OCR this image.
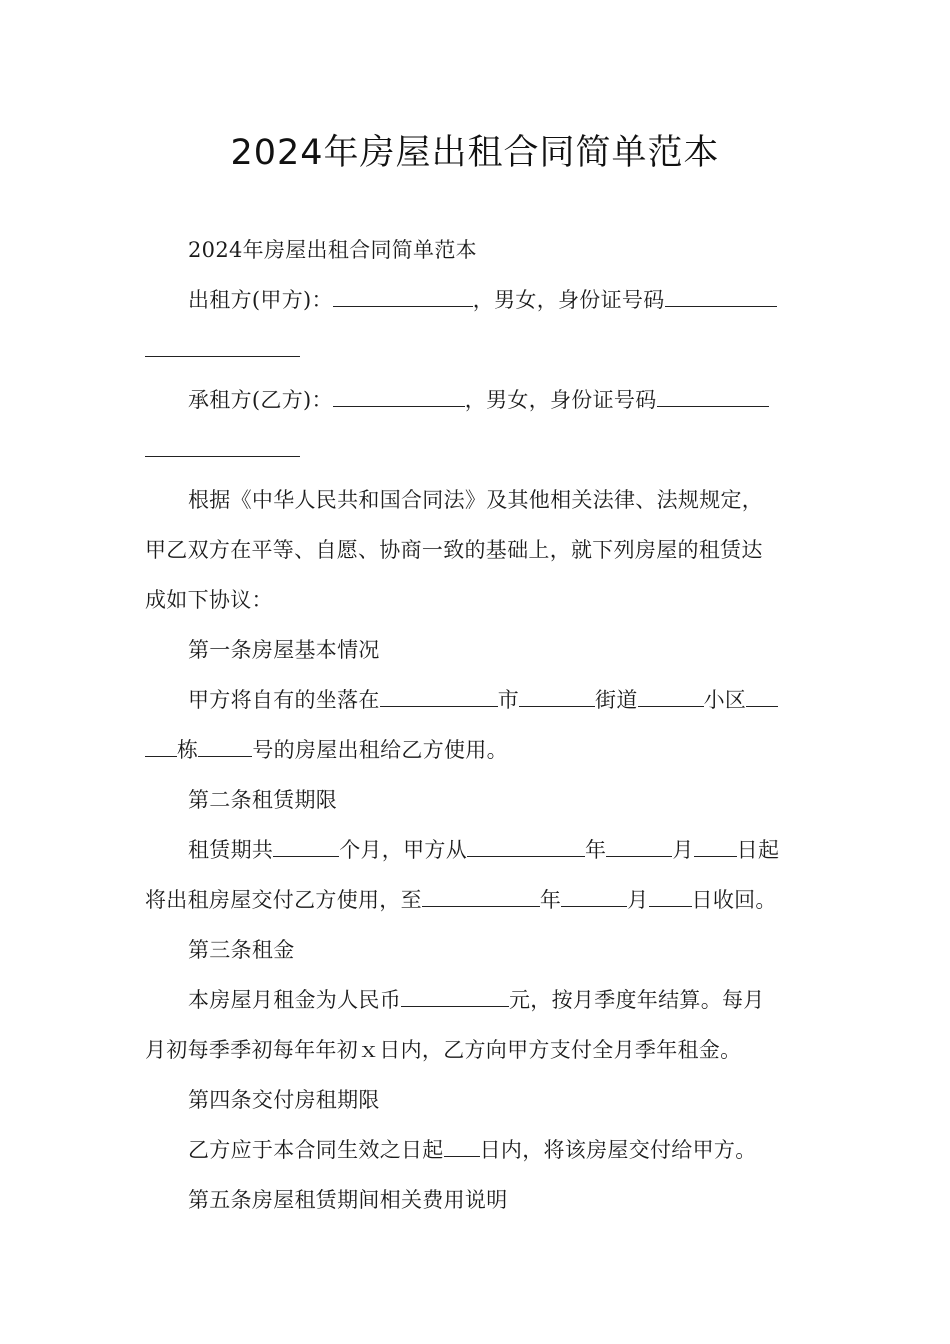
2024年房屋出租合同简单范本
2024年房屋出租合同简单范本
出租方(甲方)：	，男女，身份证号码
承租方(乙方)：	，男女，身份证号码
根据《中华人民共和国合同法》及其他相关法律、法规规定，
甲乙双方在平等、自愿、协商一致的基础上，就下列房屋的租赁达
成如下协议：
第一条房屋基本情况
甲方将自有的坐落在	市	街道	小区
栋	号的房屋出租给乙方使用。
第二条租赁期限
租赁期共	个月，甲方从	年	月 日起
将出租房屋交付乙方使用，至	年	月 日收回。
第三条租金
本房屋月租金为人民币	元，按月季度年结算。每月
月初每季季初每年年初ｘ日内，乙方向甲方支付全月季年租金。
第四条交付房租期限
乙方应于本合同生效之日起 日内，将该房屋交付给甲方。
第五条房屋租赁期间相关费用说明
